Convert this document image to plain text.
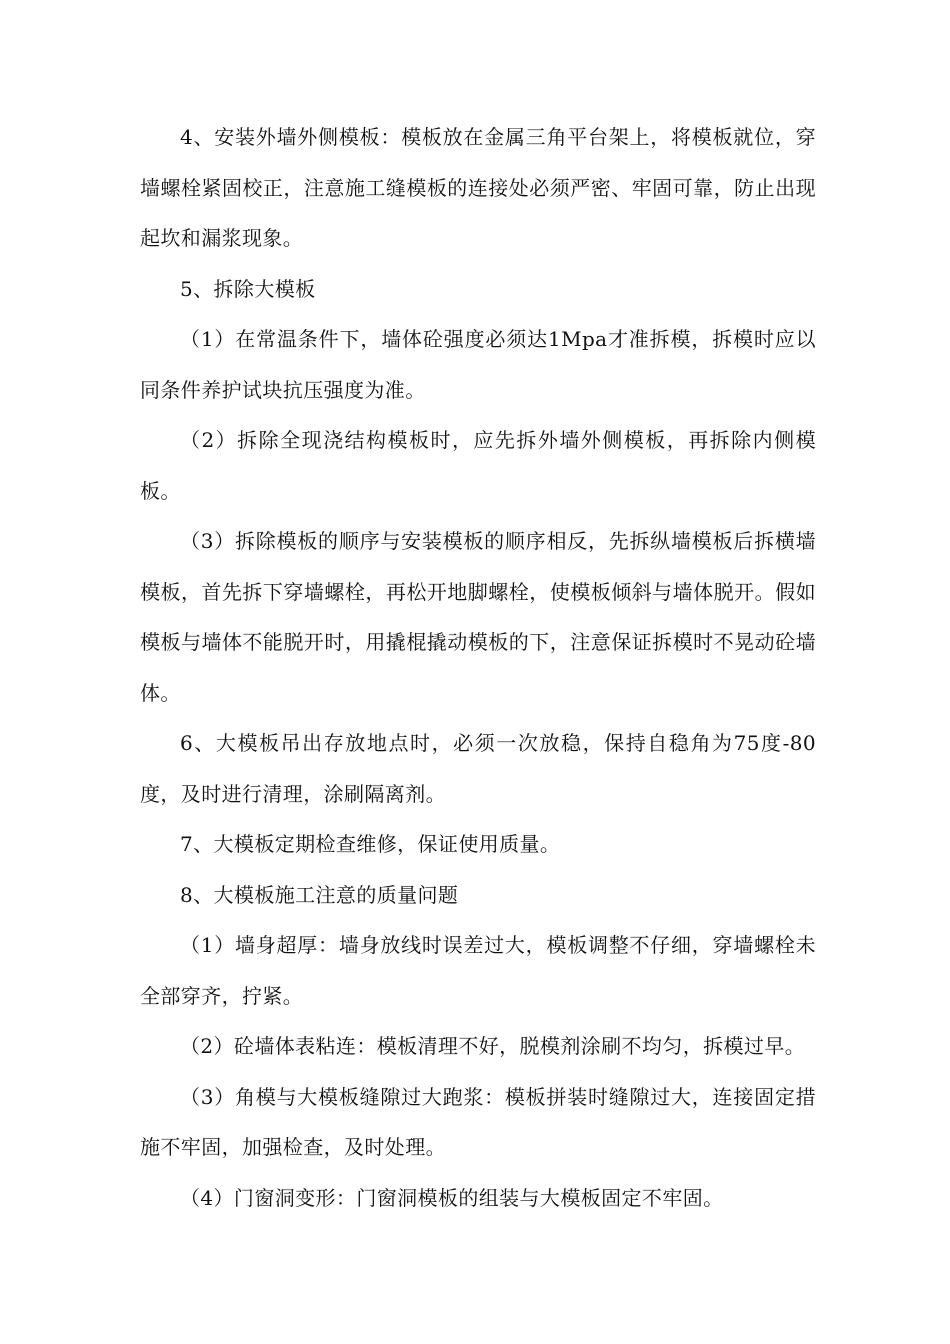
4、安装外墙外侧模板：模板放在金属三角平台架上，将模板就位，穿墙螺栓紧固校正，注意施工缝模板的连接处必须严密、牢固可靠，防止出现起坎和漏浆现象。

5、拆除大模板

（1）在常温条件下，墙体砼强度必须达1Mpa才准拆模，拆模时应以同条件养护试块抗压强度为准。

（2）拆除全现浇结构模板时，应先拆外墙外侧模板，再拆除内侧模板。

（3）拆除模板的顺序与安装模板的顺序相反，先拆纵墙模板后拆横墙模板，首先拆下穿墙螺栓，再松开地脚螺栓，使模板倾斜与墙体脱开。假如模板与墙体不能脱开时，用撬棍撬动模板的下，注意保证拆模时不晃动砼墙体。

6、大模板吊出存放地点时，必须一次放稳，保持自稳角为75度-80度，及时进行清理，涂刷隔离剂。

7、大模板定期检查维修，保证使用质量。

8、大模板施工注意的质量问题

（1）墙身超厚：墙身放线时误差过大，模板调整不仔细，穿墙螺栓未全部穿齐，拧紧。

（2）砼墙体表粘连：模板清理不好，脱模剂涂刷不均匀，拆模过早。

（3）角模与大模板缝隙过大跑浆：模板拼装时缝隙过大，连接固定措施不牢固，加强检查，及时处理。

（4）门窗洞变形：门窗洞模板的组装与大模板固定不牢固。
